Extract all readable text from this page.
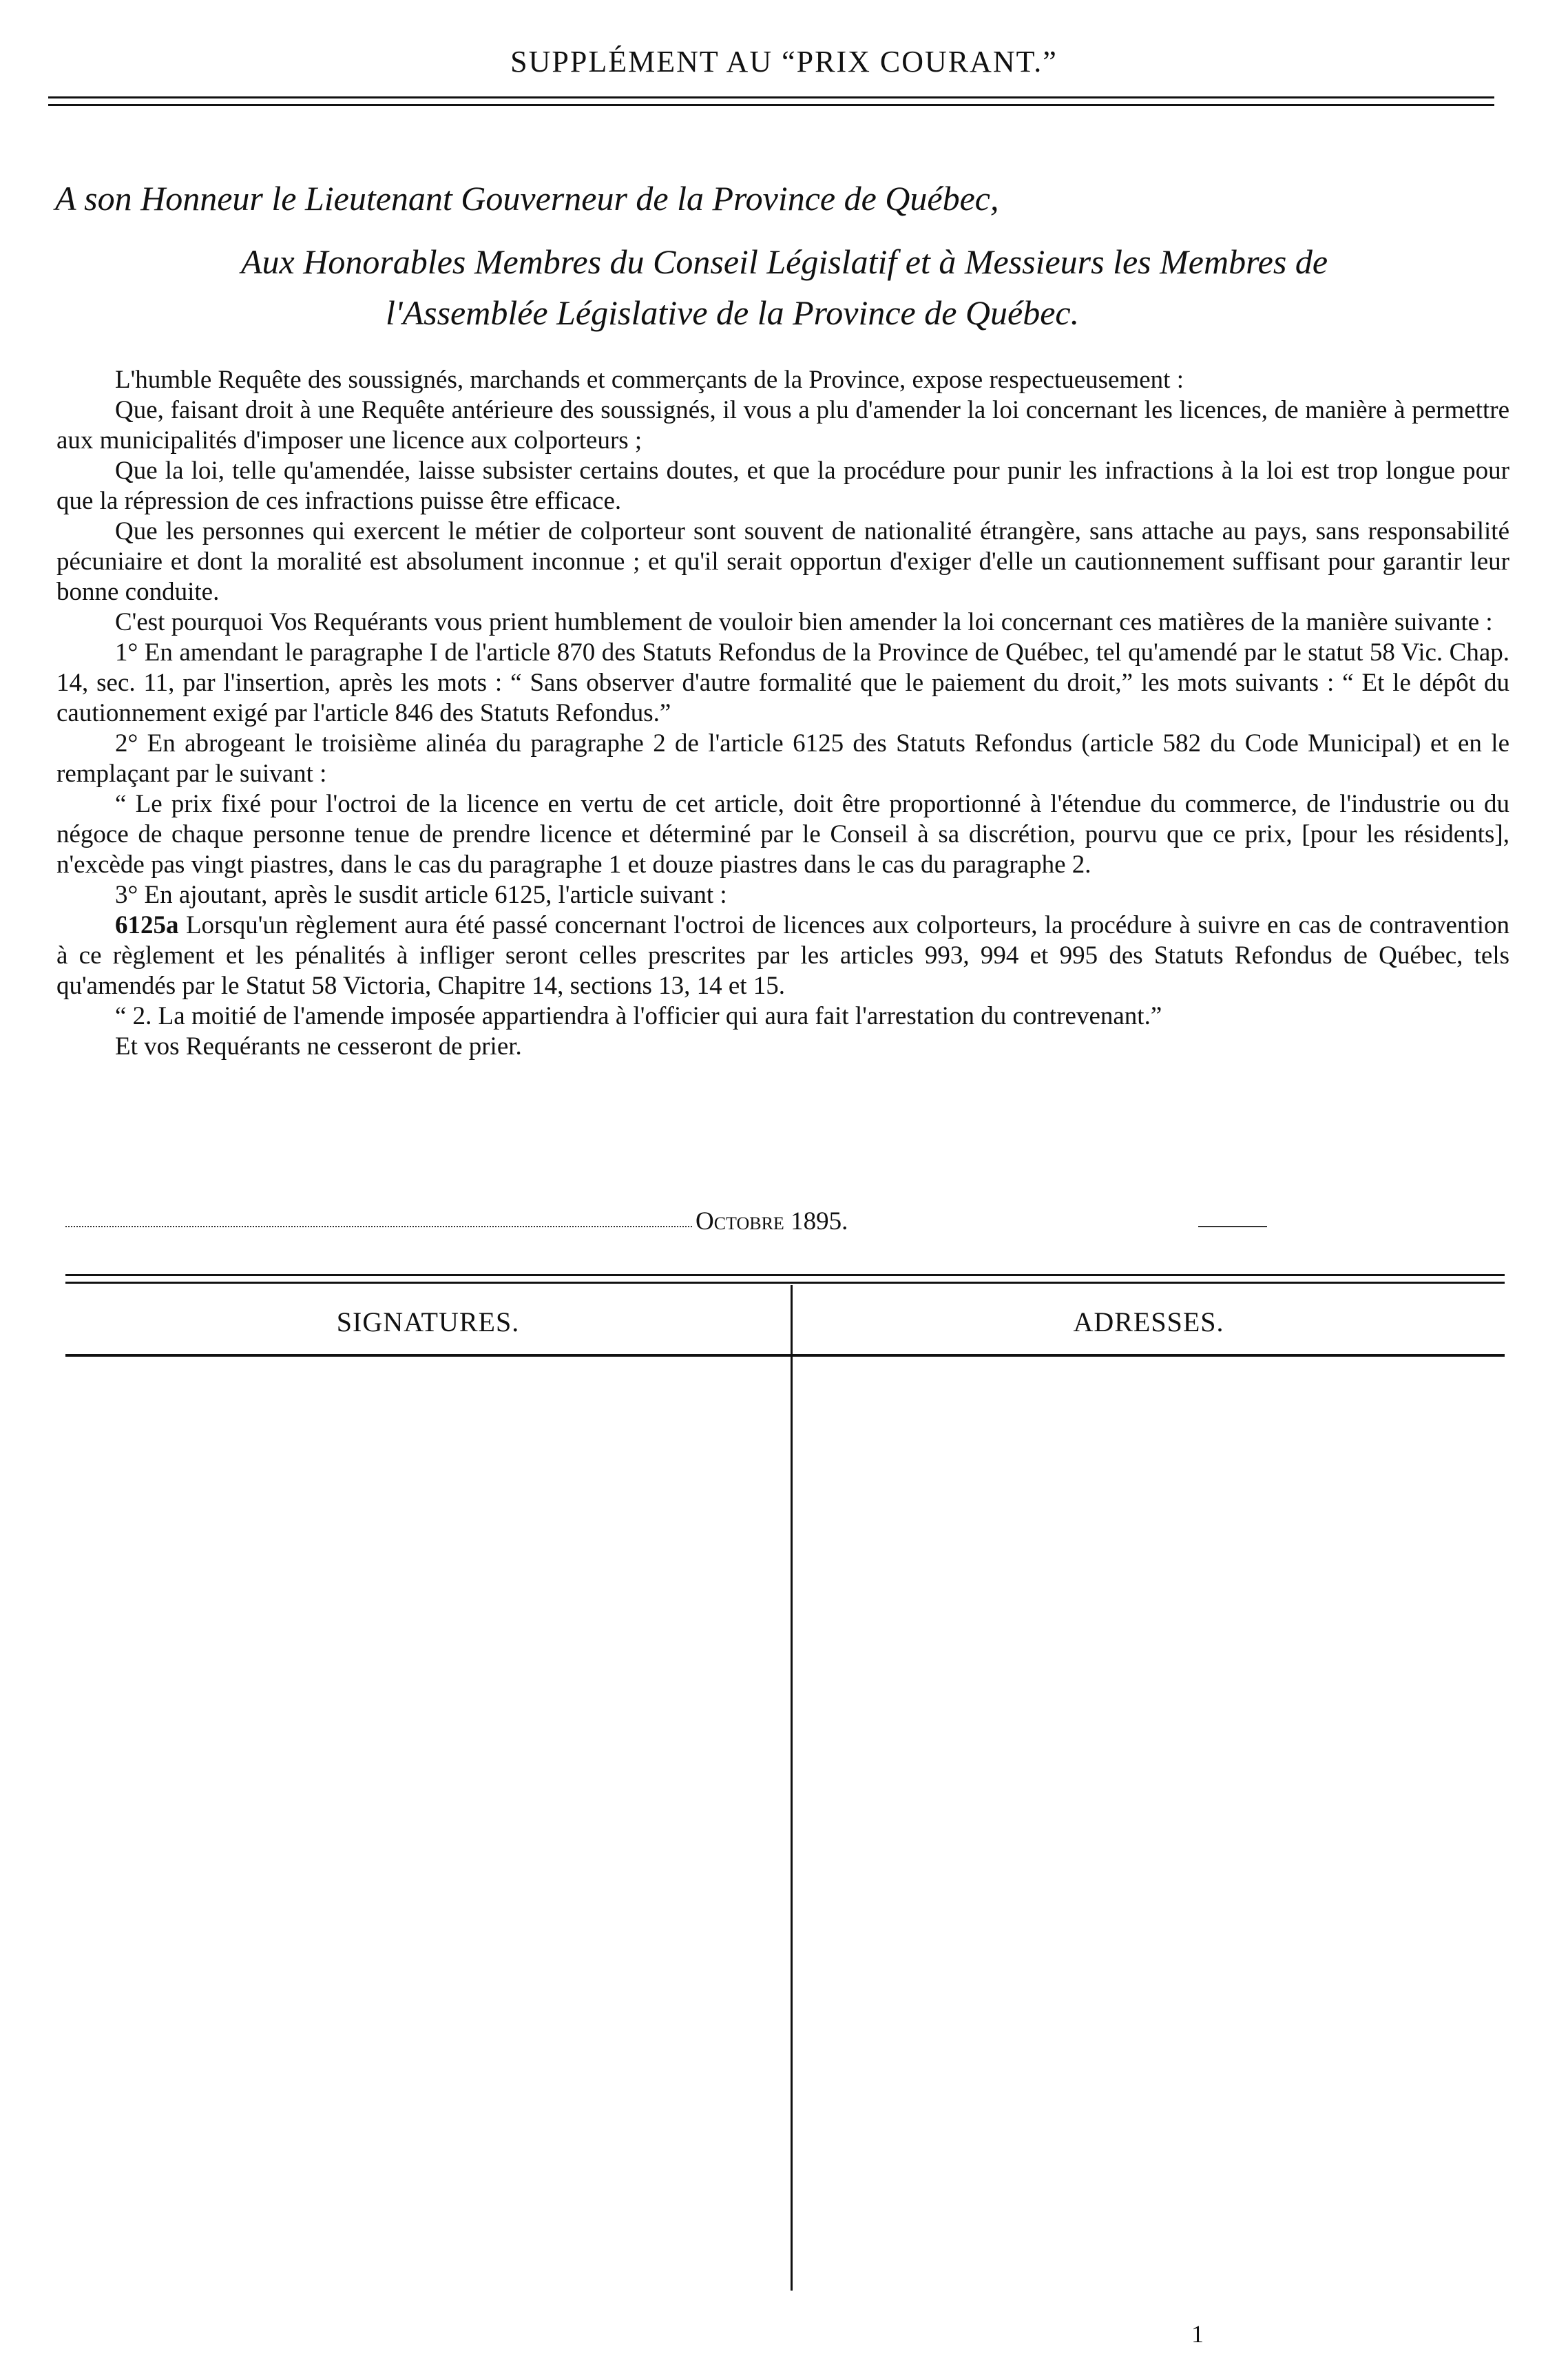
SUPPLÉMENT AU “PRIX COURANT.”
A son Honneur le Lieutenant Gouverneur de la Province de Québec,
Aux Honorables Membres du Conseil Législatif et à Messieurs les Membres de
l'Assemblée Législative de la Province de Québec.

L'humble Requête des soussignés, marchands et commerçants de la Province, expose respectueusement :

Que, faisant droit à une Requête antérieure des soussignés, il vous a plu d'amender la loi concernant les licences, de manière à permettre aux municipalités d'imposer une licence aux colporteurs ;

Que la loi, telle qu'amendée, laisse subsister certains doutes, et que la procédure pour punir les infractions à la loi est trop longue pour que la répression de ces infractions puisse être efficace.

Que les personnes qui exercent le métier de colporteur sont souvent de nationalité étrangère, sans attache au pays, sans responsabilité pécuniaire et dont la moralité est absolument inconnue ; et qu'il serait opportun d'exiger d'elle un cautionnement suffisant pour garantir leur bonne conduite.

C'est pourquoi Vos Requérants vous prient humblement de vouloir bien amender la loi concernant ces matières de la manière suivante :

1° En amendant le paragraphe I de l'article 870 des Statuts Refondus de la Province de Québec, tel qu'amendé par le statut 58 Vic. Chap. 14, sec. 11, par l'insertion, après les mots : “ Sans observer d'autre formalité que le paiement du droit,” les mots suivants : “ Et le dépôt du cautionnement exigé par l'article 846 des Statuts Refondus.”

2° En abrogeant le troisième alinéa du paragraphe 2 de l'article 6125 des Statuts Refondus (article 582 du Code Municipal) et en le remplaçant par le suivant :

“ Le prix fixé pour l'octroi de la licence en vertu de cet article, doit être proportionné à l'étendue du commerce, de l'industrie ou du négoce de chaque personne tenue de prendre licence et déterminé par le Conseil à sa discrétion, pourvu que ce prix, [pour les résidents], n'excède pas vingt piastres, dans le cas du paragraphe 1 et douze piastres dans le cas du paragraphe 2.

3° En ajoutant, après le susdit article 6125, l'article suivant :

6125a Lorsqu'un règlement aura été passé concernant l'octroi de licences aux colporteurs, la procédure à suivre en cas de contravention à ce règlement et les pénalités à infliger seront celles prescrites par les articles 993, 994 et 995 des Statuts Refondus de Québec, tels qu'amendés par le Statut 58 Victoria, Chapitre 14, sections 13, 14 et 15.

“ 2. La moitié de l'amende imposée appartiendra à l'officier qui aura fait l'arrestation du contrevenant.”

Et vos Requérants ne cesseront de prier.

Octobre 1895.
SIGNATURES.	ADRESSES.
1
